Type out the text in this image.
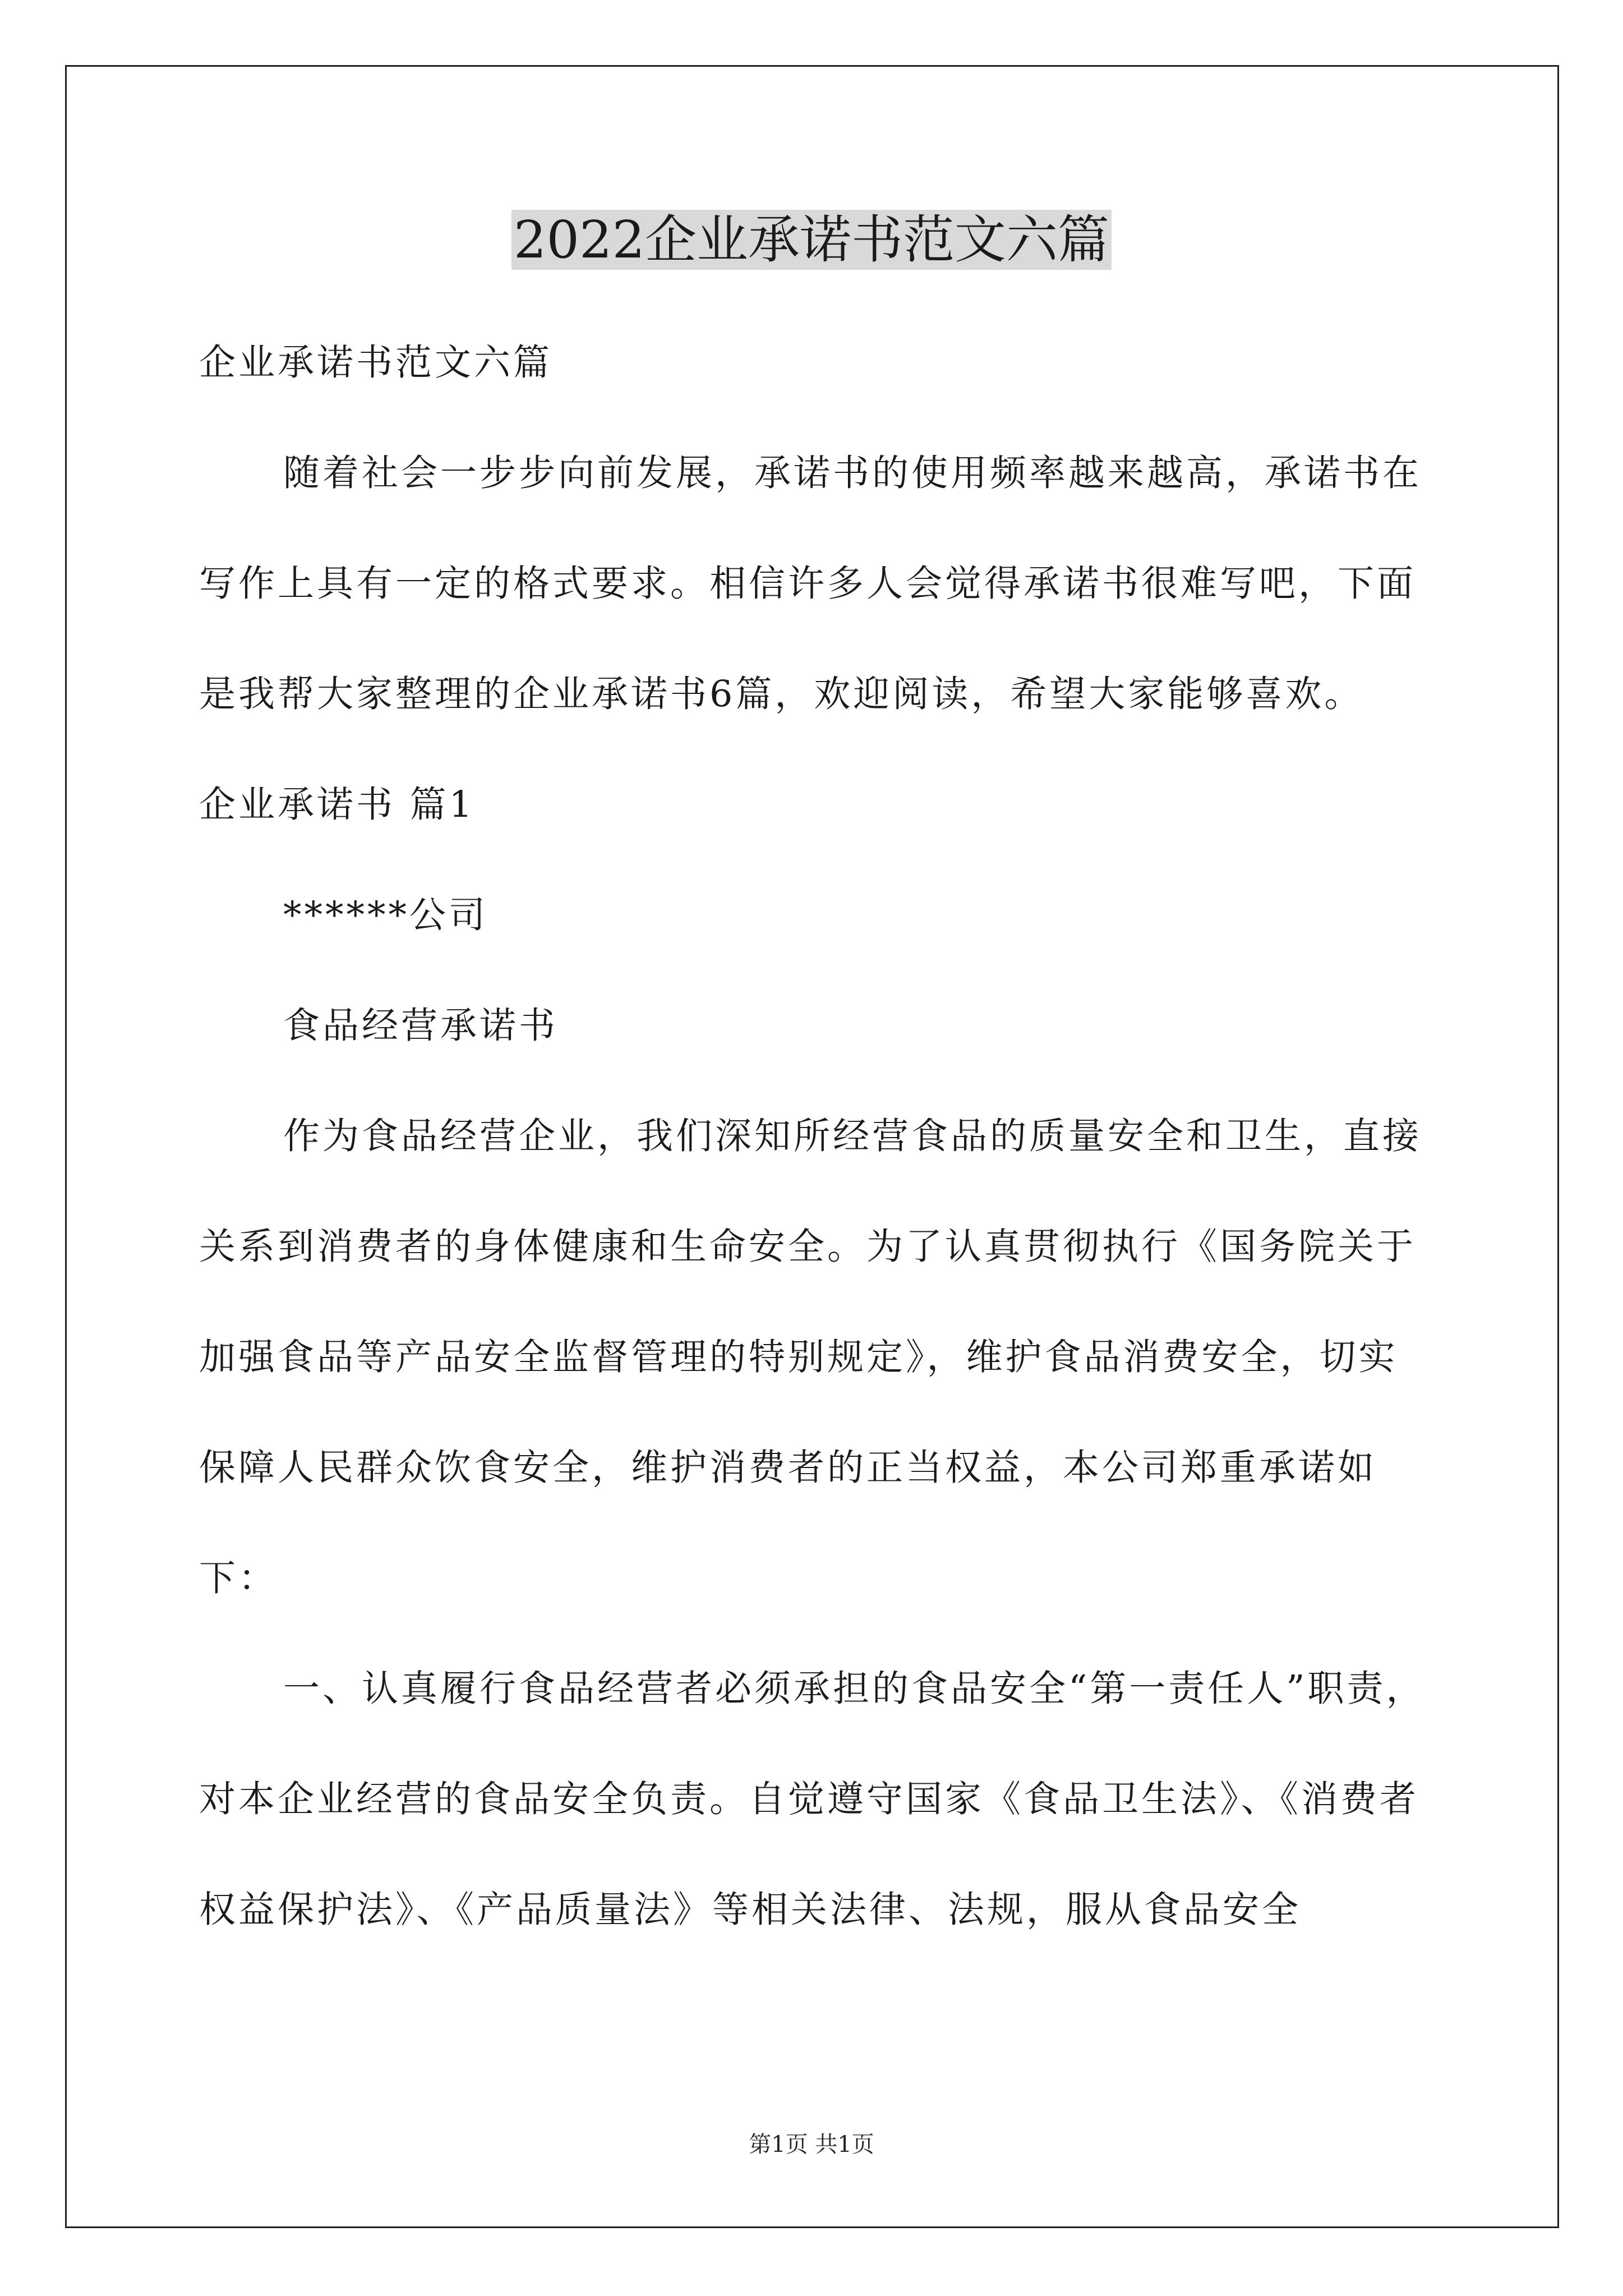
2022企业承诺书范文六篇

企业承诺书范文六篇

随着社会一步步向前发展，承诺书的使用频率越来越高，承诺书在写作上具有一定的格式要求。相信许多人会觉得承诺书很难写吧，下面是我帮大家整理的企业承诺书6篇，欢迎阅读，希望大家能够喜欢。

企业承诺书 篇1

******公司

食品经营承诺书

作为食品经营企业，我们深知所经营食品的质量安全和卫生，直接关系到消费者的身体健康和生命安全。为了认真贯彻执行《国务院关于加强食品等产品安全监督管理的特别规定》，维护食品消费安全，切实保障人民群众饮食安全，维护消费者的正当权益，本公司郑重承诺如下：

一、认真履行食品经营者必须承担的食品安全“第一责任人”职责，对本企业经营的食品安全负责。自觉遵守国家《食品卫生法》、《消费者权益保护法》、《产品质量法》等相关法律、法规，服从食品安全

第1页 共1页
